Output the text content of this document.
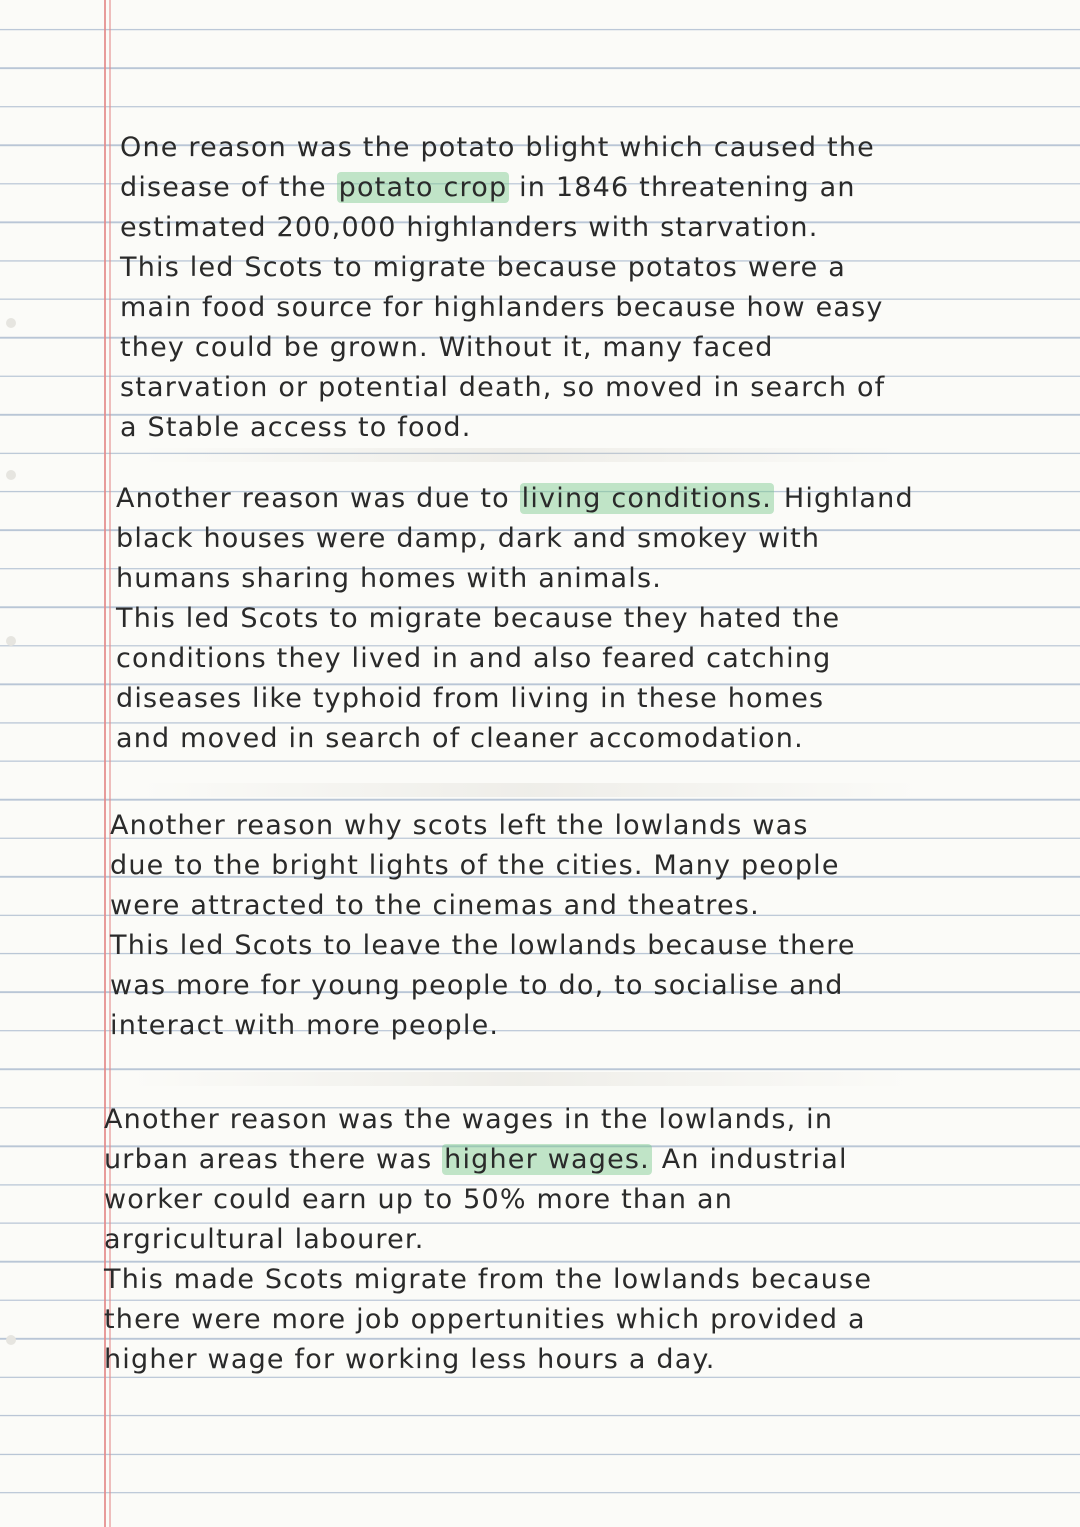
One reason was the potato blight which caused the
disease of the potato crop in 1846 threatening an
estimated 200,000 highlanders with starvation.
This led Scots to migrate because potatos were a
main food source for highlanders because how easy
they could be grown. Without it, many faced
starvation or potential death, so moved in search of
a Stable access to food.
Another reason was due to living conditions. Highland
black houses were damp, dark and smokey with
humans sharing homes with animals.
This led Scots to migrate because they hated the
conditions they lived in and also feared catching
diseases like typhoid from living in these homes
and moved in search of cleaner accomodation.
Another reason why scots left the lowlands was
due to the bright lights of the cities. Many people
were attracted to the cinemas and theatres.
This led Scots to leave the lowlands because there
was more for young people to do, to socialise and
interact with more people.
Another reason was the wages in the lowlands, in
urban areas there was higher wages. An industrial
worker could earn up to 50% more than an
argricultural labourer.
This made Scots migrate from the lowlands because
there were more job oppertunities which provided a
higher wage for working less hours a day.
